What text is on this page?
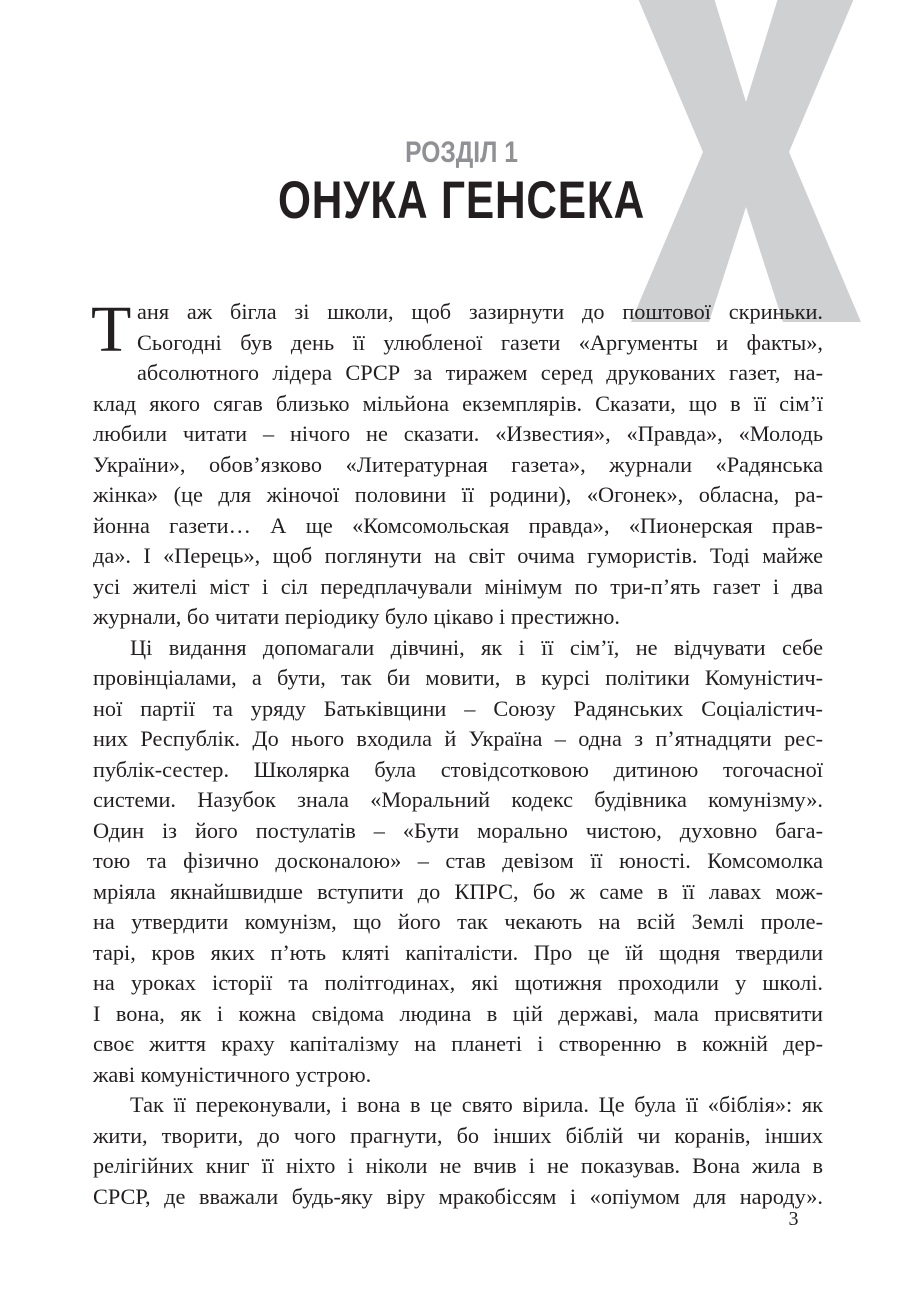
РОЗДІЛ 1
ОНУКА ГЕНСЕКА
Т аня аж бігла зі школи, щоб зазирнути до поштової скриньки.
Сьогодні був день її улюбленої газети «Аргументы и факты»,
абсолютного лідера СРСР за тиражем серед друкованих газет, на-
клад якого сягав близько мільйона екземплярів. Сказати, що в її сім’ї
любили читати – нічого не сказати. «Известия», «Правда», «Молодь
України», обов’язково «Литературная газета», журнали «Радянська
жінка» (це для жіночої половини її родини), «Огонек», обласна, ра-
йонна газети… А ще «Комсомольская правда», «Пионерская прав-
да». І «Перець», щоб поглянути на світ очима гумористів. Тоді майже
усі жителі міст і сіл передплачували мінімум по три-п’ять газет і два
журнали, бо читати періодику було цікаво і престижно.
Ці видання допомагали дівчині, як і її сім’ї, не відчувати себе
провінціалами, а бути, так би мовити, в курсі політики Комуністич-
ної партії та уряду Батьківщини – Союзу Радянських Соціалістич-
них Республік. До нього входила й Україна – одна з п’ятнадцяти рес-
публік-сестер. Школярка була стовідсотковою дитиною тогочасної
системи. Назубок знала «Моральний кодекс будівника комунізму».
Один із його постулатів – «Бути морально чистою, духовно бага-
тою та фізично досконалою» – став девізом її юності. Комсомолка
мріяла якнайшвидше вступити до КПРС, бо ж саме в її лавах мож-
на утвердити комунізм, що його так чекають на всій Землі проле-
тарі, кров яких п’ють кляті капіталісти. Про це їй щодня твердили
на уроках історії та політгодинах, які щотижня проходили у школі.
І вона, як і кожна свідома людина в цій державі, мала присвятити
своє життя краху капіталізму на планеті і створенню в кожній дер-
жаві комуністичного устрою.
Так її переконували, і вона в це свято вірила. Це була її «біблія»: як
жити, творити, до чого прагнути, бо інших біблій чи коранів, інших
релігійних книг її ніхто і ніколи не вчив і не показував. Вона жила в
СРСР, де вважали будь-яку віру мракобіссям і «опіумом для народу».
3
